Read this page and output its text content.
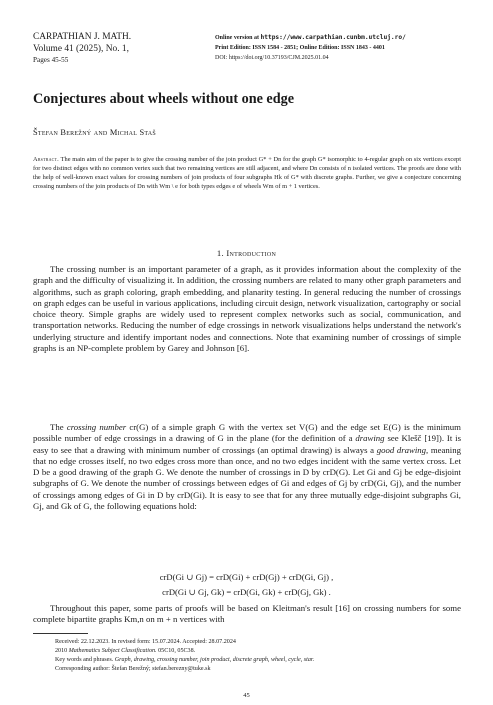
CARPATHIAN J. MATH.
Volume 41 (2025), No. 1,
Pages 45-55
Online version at https://www.carpathian.cunbm.utcluj.ro/
Print Edition: ISSN 1584 - 2851; Online Edition: ISSN 1843 - 4401
DOI: https://doi.org/10.37193/CJM.2025.01.04
Conjectures about wheels without one edge
Štefan Berežný and Michal Staš
Abstract. The main aim of the paper is to give the crossing number of the join product G* + Dn for the graph G* isomorphic to 4-regular graph on six vertices except for two distinct edges with no common vertex such that two remaining vertices are still adjacent, and where Dn consists of n isolated vertices. The proofs are done with the help of well-known exact values for crossing numbers of join products of four subgraphs Hk of G* with discrete graphs. Further, we give a conjecture concerning crossing numbers of the join products of Dn with Wm \ e for both types edges e of wheels Wm of m + 1 vertices.
1. Introduction

The crossing number is an important parameter of a graph, as it provides information about the complexity of the graph and the difficulty of visualizing it. In addition, the crossing numbers are related to many other graph parameters and algorithms, such as graph coloring, graph embedding, and planarity testing. In general reducing the number of crossings on graph edges can be useful in various applications, including circuit design, network visualization, cartography or social choice theory. Simple graphs are widely used to represent complex networks such as social, communication, and transportation networks. Reducing the number of edge crossings in network visualizations helps understand the network's underlying structure and identify important nodes and connections. Note that examining number of crossings of simple graphs is an NP-complete problem by Garey and Johnson [6].

The crossing number cr(G) of a simple graph G with the vertex set V(G) and the edge set E(G) is the minimum possible number of edge crossings in a drawing of G in the plane (for the definition of a drawing see Klešč [19]). It is easy to see that a drawing with minimum number of crossings (an optimal drawing) is always a good drawing, meaning that no edge crosses itself, no two edges cross more than once, and no two edges incident with the same vertex cross. Let D be a good drawing of the graph G. We denote the number of crossings in D by crD(G). Let Gi and Gj be edge-disjoint subgraphs of G. We denote the number of crossings between edges of Gi and edges of Gj by crD(Gi, Gj), and the number of crossings among edges of Gi in D by crD(Gi). It is easy to see that for any three mutually edge-disjoint subgraphs Gi, Gj, and Gk of G, the following equations hold:

crD(Gi ∪ Gj) = crD(Gi) + crD(Gj) + crD(Gi, Gj) ,
crD(Gi ∪ Gj, Gk) = crD(Gi, Gk) + crD(Gj, Gk) .

Throughout this paper, some parts of proofs will be based on Kleitman's result [16] on crossing numbers for some complete bipartite graphs Km,n on m + n vertices with

Received: 22.12.2023. In revised form: 15.07.2024. Accepted: 28.07.2024
2010 Mathematics Subject Classification. 05C10, 05C38.
Key words and phrases. Graph, drawing, crossing number, join product, discrete graph, wheel, cycle, star.
Corresponding author: Štefan Berežný; stefan.berezny@tuke.sk
45
